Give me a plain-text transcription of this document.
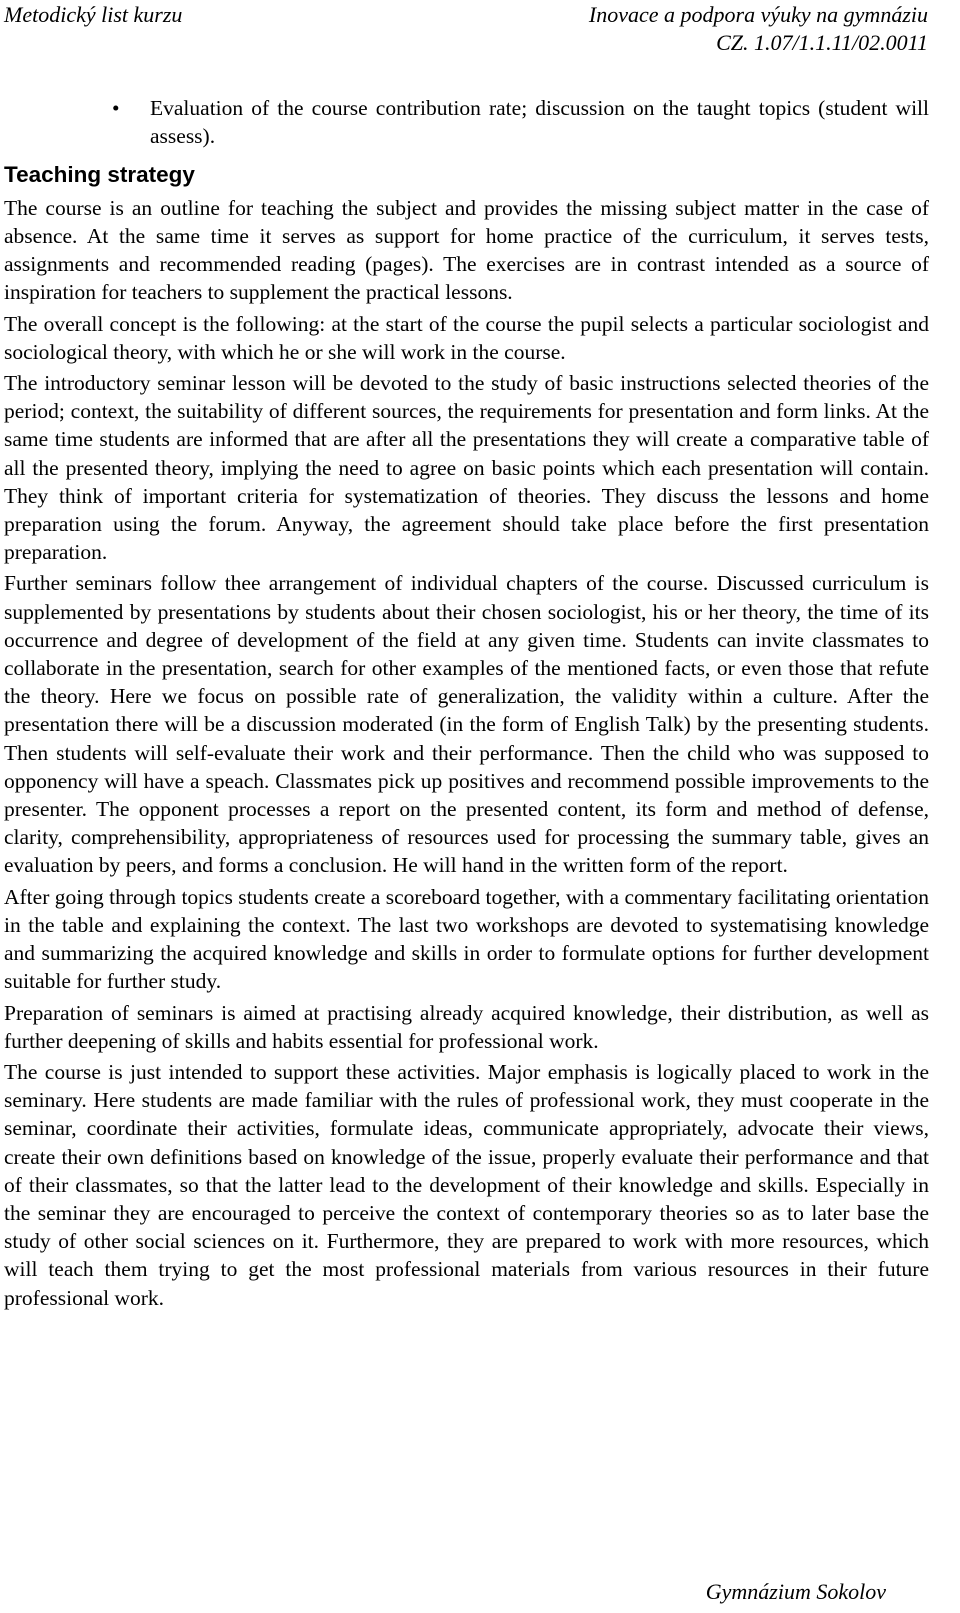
Metodický list kurzu	Inovace a podpora výuky na gymnáziu
CZ. 1.07/1.1.11/02.0011
• Evaluation of the course contribution rate; discussion on the taught topics (student will assess).
Teaching strategy

The course is an outline for teaching the subject and provides the missing subject matter in the case of absence. At the same time it serves as support for home practice of the curriculum, it serves tests, assignments and recommended reading (pages). The exercises are in contrast intended as a source of inspiration for teachers to supplement the practical lessons.

The overall concept is the following: at the start of the course the pupil selects a particular sociologist and sociological theory, with which he or she will work in the course.

The introductory seminar lesson will be devoted to the study of basic instructions selected theories of the period; context, the suitability of different sources, the requirements for presentation and form links. At the same time students are informed that are after all the presentations they will create a comparative table of all the presented theory, implying the need to agree on basic points which each presentation will contain. They think of important criteria for systematization of theories. They discuss the lessons and home preparation using the forum. Anyway, the agreement should take place before the first presentation preparation.

Further seminars follow thee arrangement of individual chapters of the course. Discussed curriculum is supplemented by presentations by students about their chosen sociologist, his or her theory, the time of its occurrence and degree of development of the field at any given time. Students can invite classmates to collaborate in the presentation, search for other examples of the mentioned facts, or even those that refute the theory. Here we focus on possible rate of generalization, the validity within a culture. After the presentation there will be a discussion moderated (in the form of English Talk) by the presenting students. Then students will self-evaluate their work and their performance. Then the child who was supposed to opponency will have a speach. Classmates pick up positives and recommend possible improvements to the presenter. The opponent processes a report on the presented content, its form and method of defense, clarity, comprehensibility, appropriateness of resources used for processing the summary table, gives an evaluation by peers, and forms a conclusion. He will hand in the written form of the report.

After going through topics students create a scoreboard together, with a commentary facilitating orientation in the table and explaining the context. The last two workshops are devoted to systematising knowledge and summarizing the acquired knowledge and skills in order to formulate options for further development suitable for further study.

Preparation of seminars is aimed at practising already acquired knowledge, their distribution, as well as further deepening of skills and habits essential for professional work.

The course is just intended to support these activities. Major emphasis is logically placed to work in the seminary. Here students are made familiar with the rules of professional work, they must cooperate in the seminar, coordinate their activities, formulate ideas, communicate appropriately, advocate their views, create their own definitions based on knowledge of the issue, properly evaluate their performance and that of their classmates, so that the latter lead to the development of their knowledge and skills. Especially in the seminar they are encouraged to perceive the context of contemporary theories so as to later base the study of other social sciences on it. Furthermore, they are prepared to work with more resources, which will teach them trying to get the most professional materials from various resources in their future professional work.

Gymnázium Sokolov
